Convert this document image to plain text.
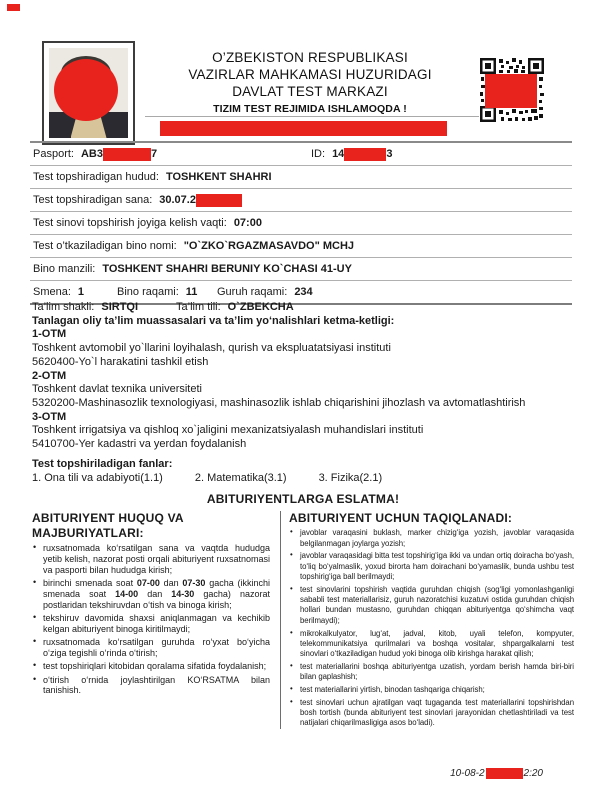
O’ZBEKISTON RESPUBLIKASI
VAZIRLAR MAHKAMASI HUZURIDAGI
DAVLAT TEST MARKAZI
TIZIM TEST REJIMIDA ISHLAMOQDA !
Pasport: AB3	7	ID: 14	3
Test topshiradigan hudud: TOSHKENT SHAHRI
Test topshiradigan sana: 30.07.2
Test sinovi topshirish joyiga kelish vaqti: 07:00
Test o’tkaziladigan bino nomi: "O`ZKO`RGAZMASAVDO" MCHJ
Bino manzili: TOSHKENT SHAHRI BERUNIY KO`CHASI 41-UY
Smena: 1	Bino raqami: 11 Guruh raqami: 234
Ta’lim shakli: SIRTQI	Ta’lim tili: O`ZBEKCHA
Tanlagan oliy ta’lim muassasalari va ta’lim yo‘nalishlari ketma-ketligi:
1-OTM
Toshkent avtomobil yo`llarini loyihalash, qurish va ekspluatatsiyasi instituti
5620400-Yo`l harakatini tashkil etish
2-OTM
Toshkent davlat texnika universiteti
5320200-Mashinasozlik texnologiyasi, mashinasozlik ishlab chiqarishini jihozlash va avtomatlashtirish
3-OTM
Toshkent irrigatsiya va qishloq xo`jaligini mexanizatsiyalash muhandislari instituti
5410700-Yer kadastri va yerdan foydalanish
Test topshiriladigan fanlar:
1. Ona tili va adabiyoti(1.1)	2. Matematika(3.1)	3. Fizika(2.1)
ABITURIYENTLARGA ESLATMA!
ABITURIYENT HUQUQ VA MAJBURIYATLARI:
• ruxsatnomada ko‘rsatilgan sana va vaqtda hududga yetib kelish, nazorat posti orqali abituriyent ruxsatnomasi va pasporti bilan hududga kirish;
• birinchi smenada soat 07-00 dan 07-30 gacha (ikkinchi smenada soat 14-00 dan 14-30 gacha) nazorat postlaridan tekshiruvdan o‘tish va binoga kirish;
• tekshiruv davomida shaxsi aniqlanmagan va kechikib kelgan abituriyent binoga kiritilmaydi;
• ruxsatnomada ko‘rsatilgan guruhda ro‘yxat bo‘yicha o‘ziga tegishli o‘rinda o‘tirish;
• test topshiriqlari kitobidan qoralama sifatida foydalanish;
• o‘tirish o‘rnida joylashtirilgan KO‘RSATMA bilan tanishish.
ABITURIYENT UCHUN TAQIQLANADI:
• javoblar varaqasini buklash, marker chizig‘iga yozish, javoblar varaqasida belgilanmagan joylarga yozish;
• javoblar varaqasidagi bitta test topshirig‘iga ikki va undan ortiq doiracha bo‘yash, to‘liq bo‘yalmaslik, yoxud birorta ham doirachani bo‘yamaslik, bunda ushbu test topshirig‘iga ball berilmaydi;
• test sinovlarini topshirish vaqtida guruhdan chiqish (sog‘ligi yomonlashganligi sababli test materiallarisiz, guruh nazoratchisi kuzatuvi ostida guruhdan chiqish hollari bundan mustasno, guruhdan chiqqan abituriyentga qo‘shimcha vaqt berilmaydi);
• mikrokalkulyator, lug‘at, jadval, kitob, uyali telefon, kompyuter, telekommunikatsiya qurilmalari va boshqa vositalar, shpargalkalarni test sinovlari o‘tkaziladigan hudud yoki binoga olib kirishga harakat qilish;
• test materiallarini boshqa abituriyentga uzatish, yordam berish hamda biri-biri bilan gaplashish;
• test materiallarini yirtish, binodan tashqariga chiqarish;
• test sinovlari uchun ajratilgan vaqt tugaganda test materiallarini topshirishdan bosh tortish (bunda abituriyent test sinovlari jarayonidan chetlashtiriladi va test natijalari chiqarilmasligiga asos bo‘ladi).
10-08-2	2:20
